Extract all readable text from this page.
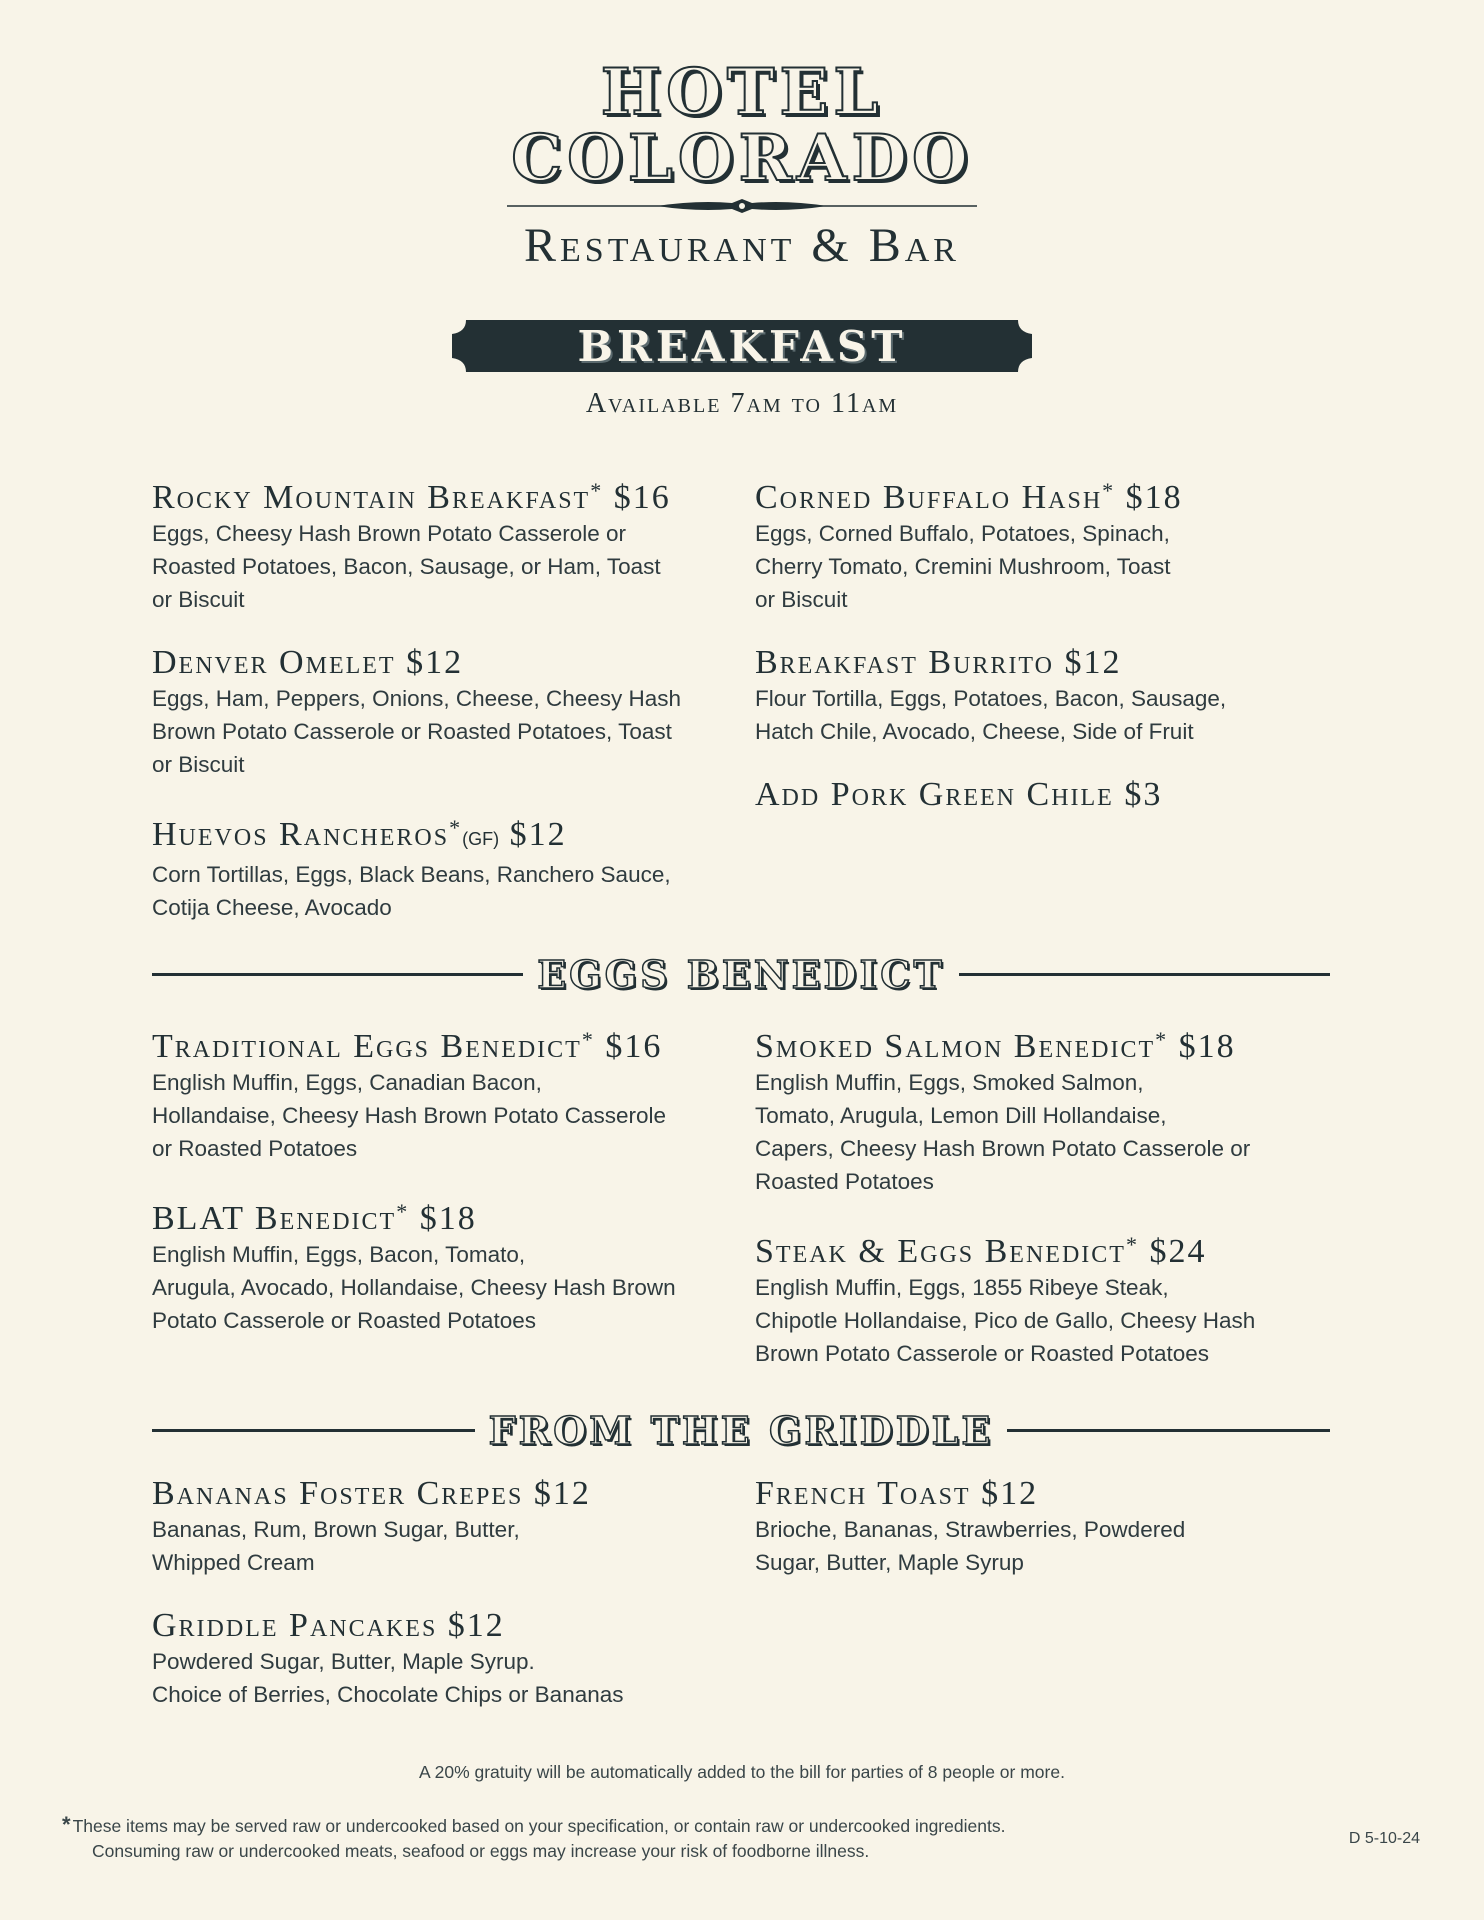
HOTEL
COLORADO
Restaurant & Bar
BREAKFAST
Available 7am to 11am
Rocky Mountain Breakfast* $16
Eggs, Cheesy Hash Brown Potato Casserole or
Roasted Potatoes, Bacon, Sausage, or Ham, Toast
or Biscuit
Denver Omelet $12
Eggs, Ham, Peppers, Onions, Cheese, Cheesy Hash
Brown Potato Casserole or Roasted Potatoes, Toast
or Biscuit
Huevos Rancheros*(GF) $12
Corn Tortillas, Eggs, Black Beans, Ranchero Sauce,
Cotija Cheese, Avocado
Corned Buffalo Hash* $18
Eggs, Corned Buffalo, Potatoes, Spinach,
Cherry Tomato, Cremini Mushroom, Toast
or Biscuit
Breakfast Burrito $12
Flour Tortilla, Eggs, Potatoes, Bacon, Sausage,
Hatch Chile, Avocado, Cheese, Side of Fruit
Add Pork Green Chile $3
EGGS BENEDICT
Traditional Eggs Benedict* $16
English Muffin, Eggs, Canadian Bacon,
Hollandaise, Cheesy Hash Brown Potato Casserole
or Roasted Potatoes
BLAT Benedict* $18
English Muffin, Eggs, Bacon, Tomato,
Arugula, Avocado, Hollandaise, Cheesy Hash Brown
Potato Casserole or Roasted Potatoes
Smoked Salmon Benedict* $18
English Muffin, Eggs, Smoked Salmon,
Tomato, Arugula, Lemon Dill Hollandaise,
Capers, Cheesy Hash Brown Potato Casserole or
Roasted Potatoes
Steak & Eggs Benedict* $24
English Muffin, Eggs, 1855 Ribeye Steak,
Chipotle Hollandaise, Pico de Gallo, Cheesy Hash
Brown Potato Casserole or Roasted Potatoes
FROM THE GRIDDLE
Bananas Foster Crepes $12
Bananas, Rum, Brown Sugar, Butter,
Whipped Cream
Griddle Pancakes $12
Powdered Sugar, Butter, Maple Syrup.
Choice of Berries, Chocolate Chips or Bananas
French Toast $12
Brioche, Bananas, Strawberries, Powdered
Sugar, Butter, Maple Syrup
A 20% gratuity will be automatically added to the bill for parties of 8 people or more.
* These items may be served raw or undercooked based on your specification, or contain raw or undercooked ingredients.
Consuming raw or undercooked meats, seafood or eggs may increase your risk of foodborne illness.
D 5-10-24
